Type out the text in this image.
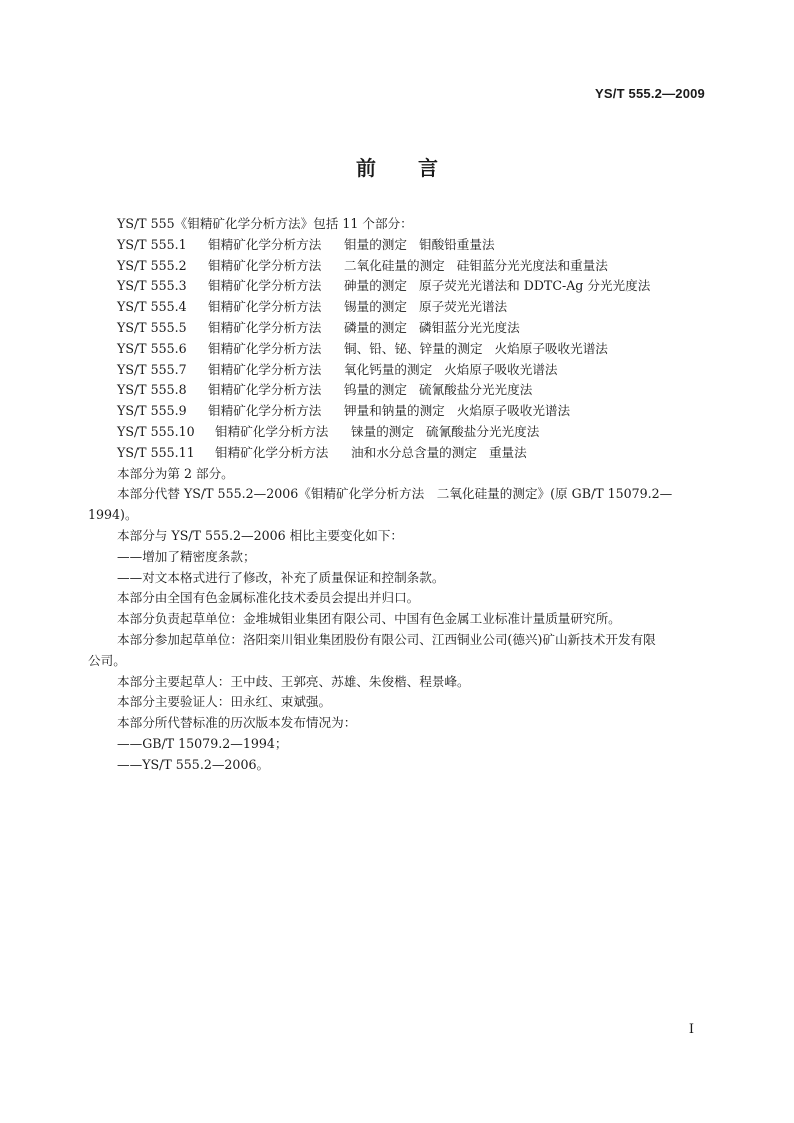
YS/T 555.2—2009
前 言

YS/T 555《钼精矿化学分析方法》包括 11 个部分：

YS/T 555.1 钼精矿化学分析方法 钼量的测定 钼酸铅重量法

YS/T 555.2 钼精矿化学分析方法 二氧化硅量的测定 硅钼蓝分光光度法和重量法

YS/T 555.3 钼精矿化学分析方法 砷量的测定 原子荧光光谱法和 DDTC-Ag 分光光度法

YS/T 555.4 钼精矿化学分析方法 锡量的测定 原子荧光光谱法

YS/T 555.5 钼精矿化学分析方法 磷量的测定 磷钼蓝分光光度法

YS/T 555.6 钼精矿化学分析方法 铜、铅、铋、锌量的测定 火焰原子吸收光谱法

YS/T 555.7 钼精矿化学分析方法 氧化钙量的测定 火焰原子吸收光谱法

YS/T 555.8 钼精矿化学分析方法 钨量的测定 硫氰酸盐分光光度法

YS/T 555.9 钼精矿化学分析方法 钾量和钠量的测定 火焰原子吸收光谱法

YS/T 555.10 钼精矿化学分析方法 铼量的测定 硫氰酸盐分光光度法

YS/T 555.11 钼精矿化学分析方法 油和水分总含量的测定 重量法

本部分为第 2 部分。

本部分代替 YS/T 555.2—2006《钼精矿化学分析方法　二氧化硅量的测定》(原 GB/T 15079.2—
1994)。

本部分与 YS/T 555.2—2006 相比主要变化如下：

——增加了精密度条款；

——对文本格式进行了修改，补充了质量保证和控制条款。

本部分由全国有色金属标准化技术委员会提出并归口。

本部分负责起草单位：金堆城钼业集团有限公司、中国有色金属工业标准计量质量研究所。

本部分参加起草单位：洛阳栾川钼业集团股份有限公司、江西铜业公司(德兴)矿山新技术开发有限
公司。

本部分主要起草人：王中歧、王郭亮、苏雄、朱俊楷、程景峰。

本部分主要验证人：田永红、束斌强。

本部分所代替标准的历次版本发布情况为：

——GB/T 15079.2—1994；

——YS/T 555.2—2006。

I
